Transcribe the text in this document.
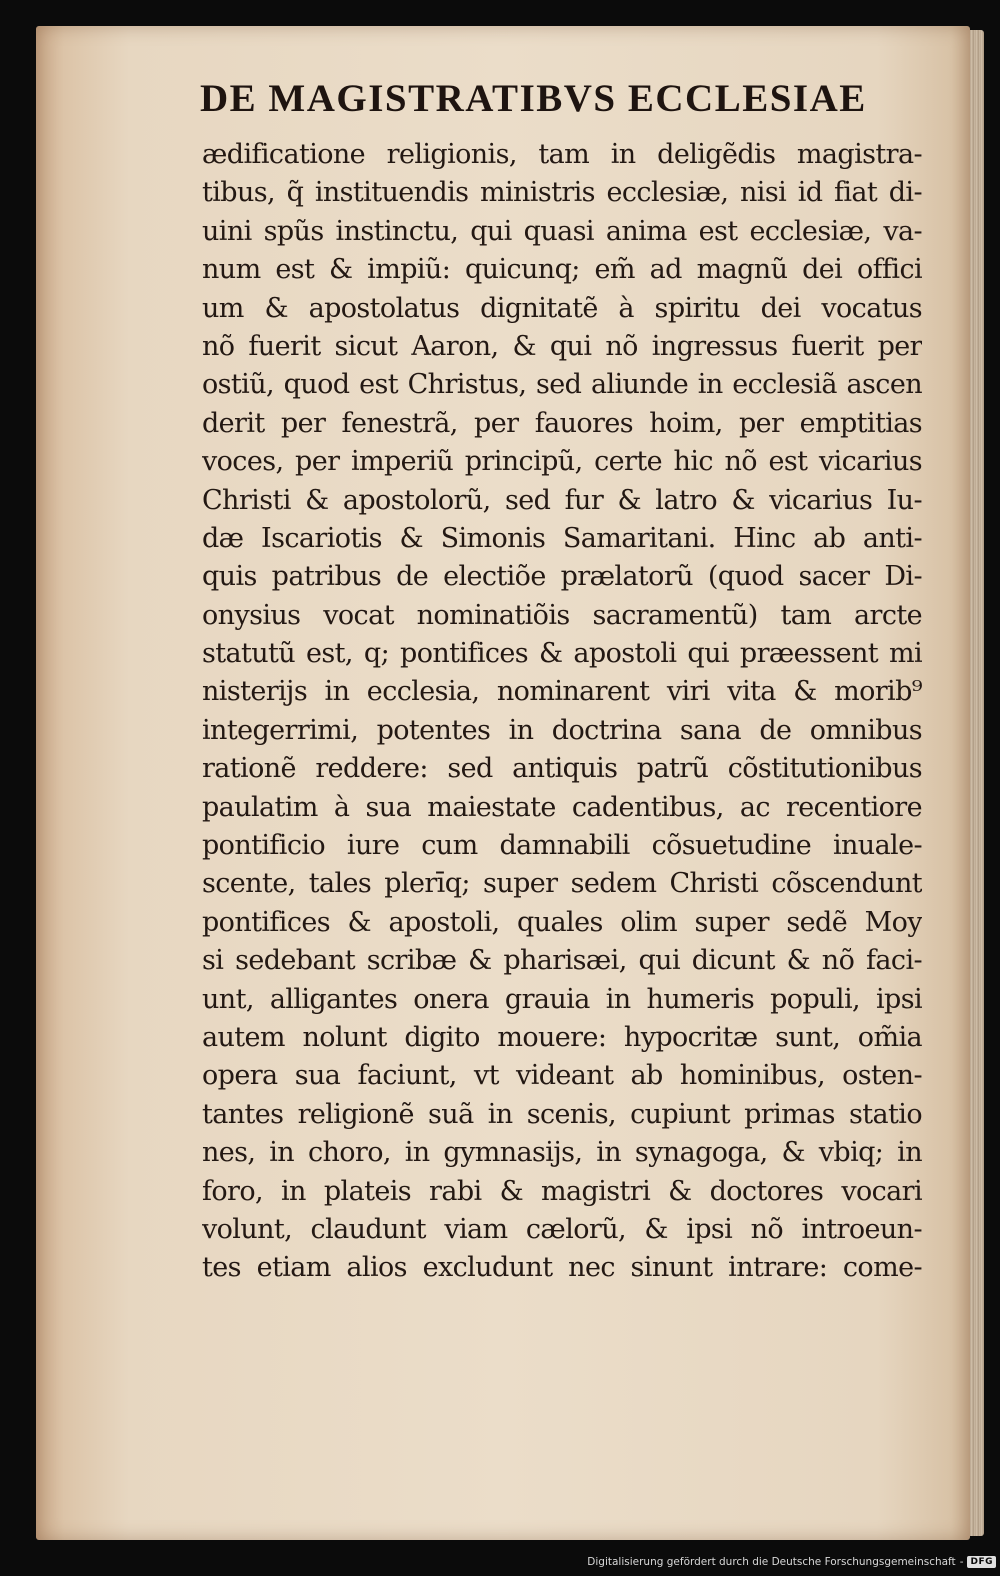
DE MAGISTRATIBVS ECCLESIAE
ædificatione religionis, tam in deligẽdis magistra-
tibus, q̃ instituendis ministris ecclesiæ, nisi id fiat di-
uini spũs instinctu, qui quasi anima est ecclesiæ, va-
num est & impiũ: quicunq; em̃ ad magnũ dei offici
um & apostolatus dignitatẽ à spiritu dei vocatus
nõ fuerit sicut Aaron, & qui nõ ingressus fuerit per
ostiũ, quod est Christus, sed aliunde in ecclesiã ascen
derit per fenestrã, per fauores hoim, per emptitias
voces, per imperiũ principũ, certe hic nõ est vicarius
Christi & apostolorũ, sed fur & latro & vicarius Iu-
dæ Iscariotis & Simonis Samaritani. Hinc ab anti-
quis patribus de electiõe prælatorũ (quod sacer Di-
onysius vocat nominatiõis sacramentũ) tam arcte
statutũ est, q; pontifices & apostoli qui præessent mi
nisterijs in ecclesia, nominarent viri vita & morib⁹
integerrimi, potentes in doctrina sana de omnibus
rationẽ reddere: sed antiquis patrũ cõstitutionibus
paulatim à sua maiestate cadentibus, ac recentiore
pontificio iure cum damnabili cõsuetudine inuale-
scente, tales plerīq; super sedem Christi cõscendunt
pontifices & apostoli, quales olim super sedẽ Moy
si sedebant scribæ & pharisæi, qui dicunt & nõ faci-
unt, alligantes onera grauia in humeris populi, ipsi
autem nolunt digito mouere: hypocritæ sunt, om̃ia
opera sua faciunt, vt videant ab hominibus, osten-
tantes religionẽ suã in scenis, cupiunt primas statio
nes, in choro, in gymnasijs, in synagoga, & vbiq; in
foro, in plateis rabi & magistri & doctores vocari
volunt, claudunt viam cælorũ, & ipsi nõ introeun-
tes etiam alios excludunt nec sinunt intrare: come-
Digitalisierung gefördert durch die Deutsche Forschungsgemeinschaft - DFG
